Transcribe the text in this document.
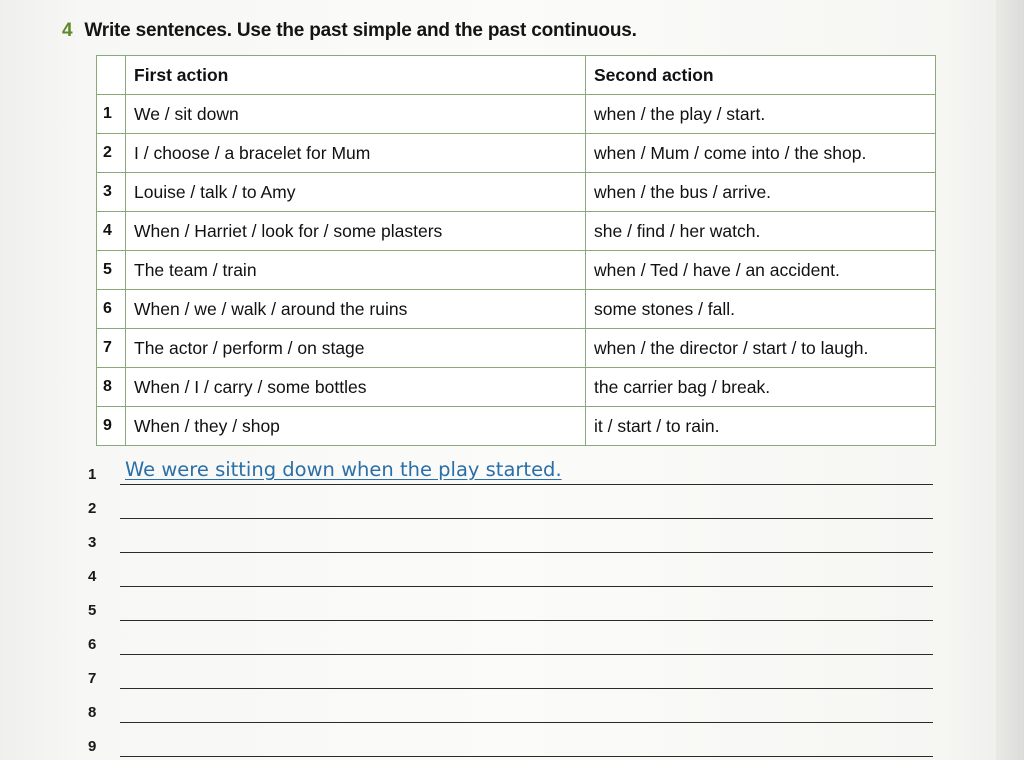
4 Write sentences. Use the past simple and the past continuous.
	First action	Second action
1	We / sit down	when / the play / start.
2	I / choose / a bracelet for Mum	when / Mum / come into / the shop.
3	Louise / talk / to Amy	when / the bus / arrive.
4	When / Harriet / look for / some plasters	she / find / her watch.
5	The team / train	when / Ted / have / an accident.
6	When / we / walk / around the ruins	some stones / fall.
7	The actor / perform / on stage	when / the director / start / to laugh.
8	When / I / carry / some bottles	the carrier bag / break.
9	When / they / shop	it / start / to rain.
1	We were sitting down when the play started.
2
3
4
5
6
7
8
9
